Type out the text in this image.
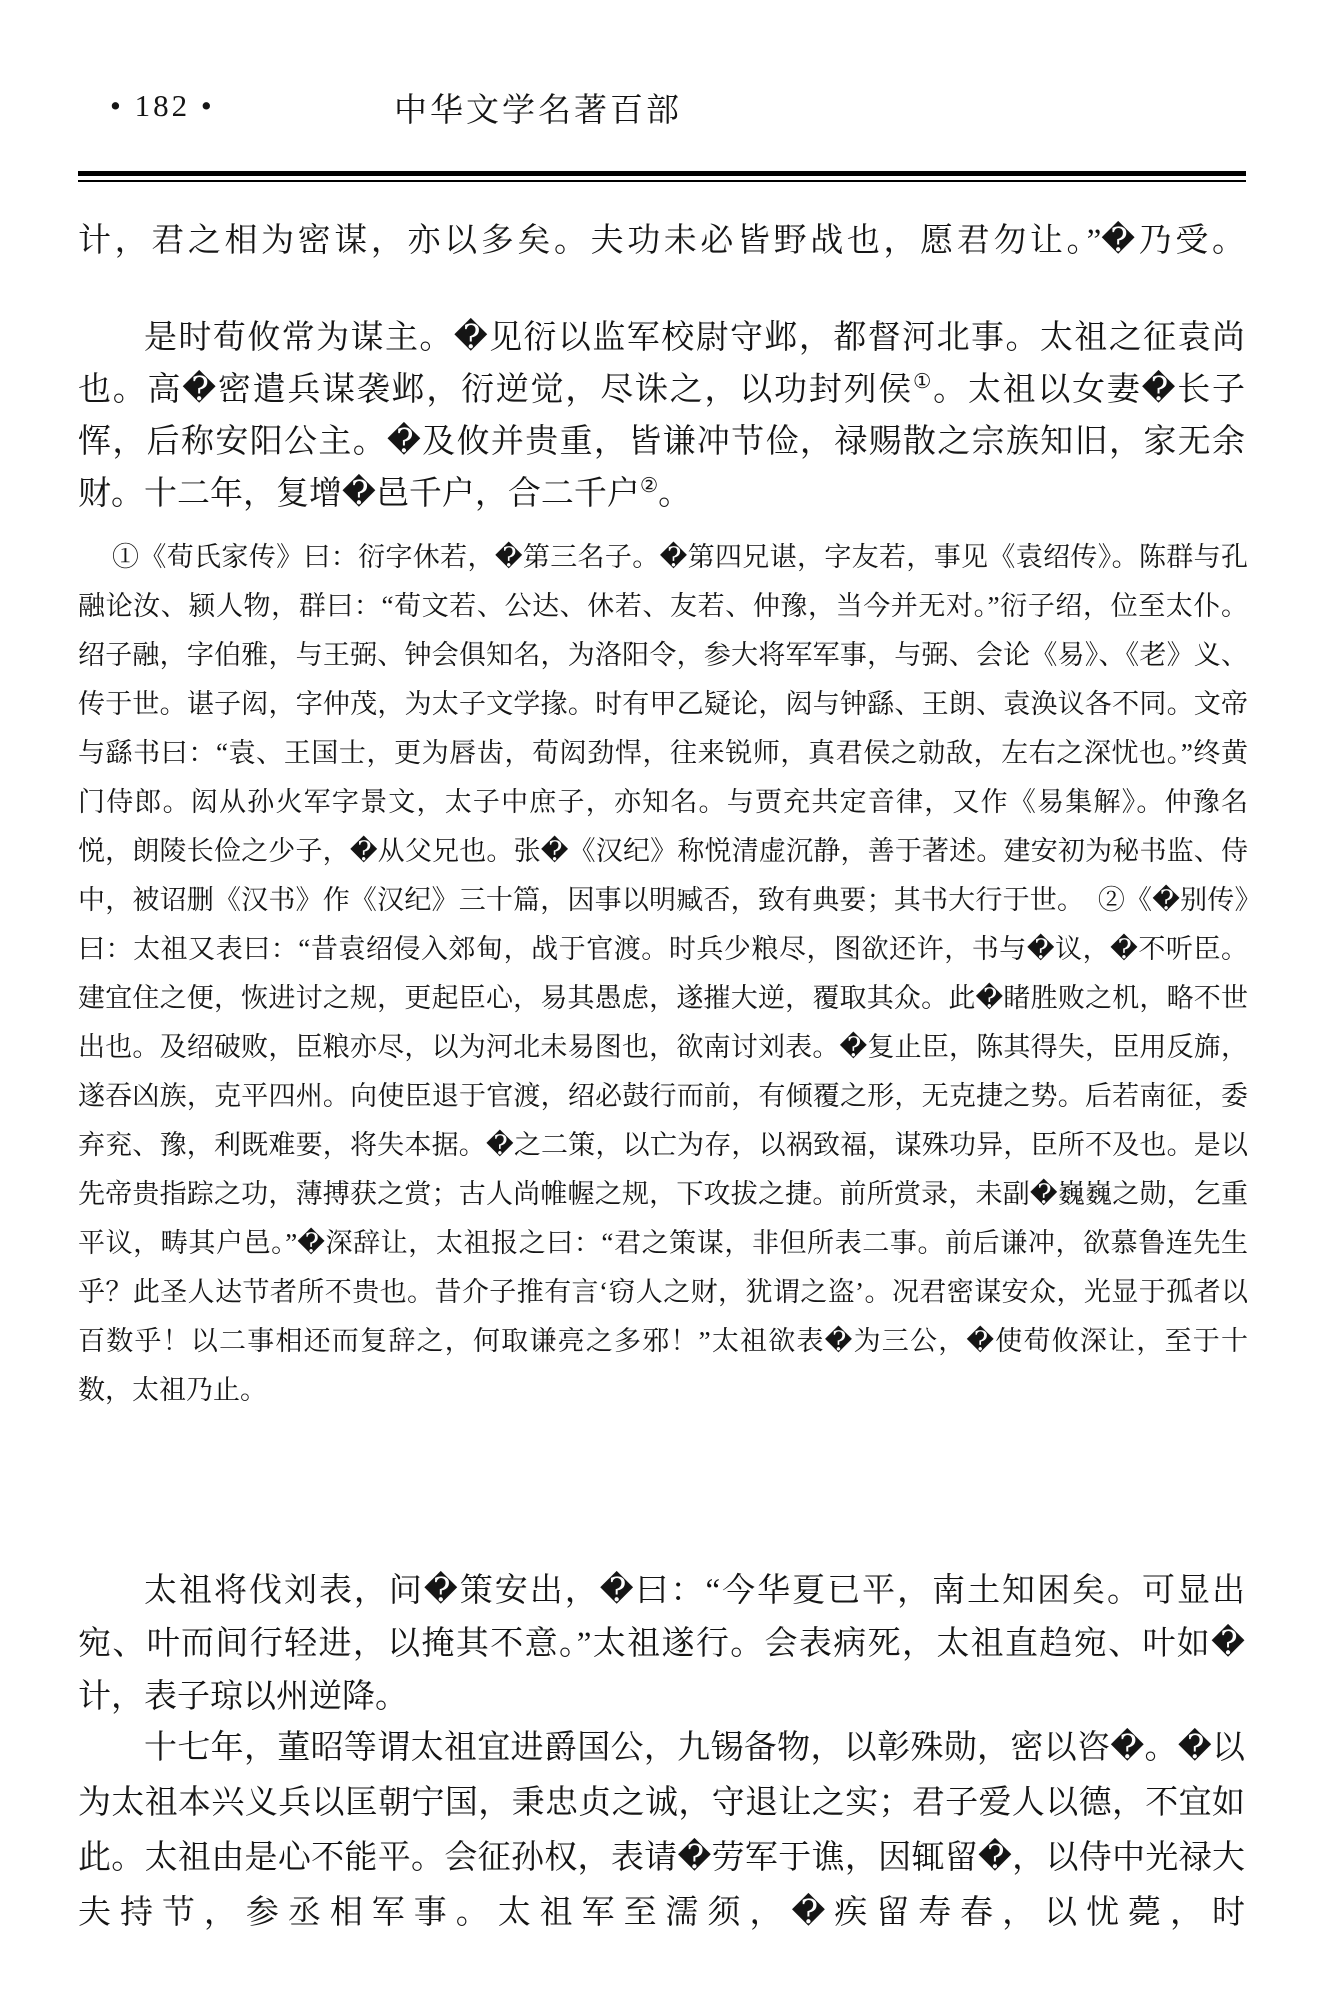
• 182 •	中华文学名著百部

计，君之相为密谋，亦以多矣。夫功未必皆野战也，愿君勿让。”�乃受。

是时荀攸常为谋主。�见衍以监军校尉守邺，都督河北事。太祖之征袁尚也。高�密遣兵谋袭邺，衍逆觉，尽诛之，以功封列侯①。太祖以女妻�长子恽，后称安阳公主。�及攸并贵重，皆谦冲节俭，禄赐散之宗族知旧，家无余财。十二年，复增�邑千户，合二千户②。

①《荀氏家传》曰：衍字休若，�第三名子。�第四兄谌，字友若，事见《袁绍传》。陈群与孔融论汝、颍人物，群曰：“荀文若、公达、休若、友若、仲豫，当今并无对。”衍子绍，位至太仆。绍子融，字伯雅，与王弼、钟会俱知名，为洛阳令，参大将军军事，与弼、会论《易》、《老》义、传于世。谌子闳，字仲茂，为太子文学掾。时有甲乙疑论，闳与钟繇、王朗、袁涣议各不同。文帝与繇书曰：“袁、王国士，更为唇齿，荀闳劲悍，往来锐师，真君侯之勍敌，左右之深忧也。”终黄门侍郎。闳从孙火军字景文，太子中庶子，亦知名。与贾充共定音律，又作《易集解》。仲豫名悦，朗陵长俭之少子，�从父兄也。张�《汉纪》称悦清虚沉静，善于著述。建安初为秘书监、侍中，被诏删《汉书》作《汉纪》三十篇，因事以明臧否，致有典要；其书大行于世。　②《�别传》曰：太祖又表曰：“昔袁绍侵入郊甸，战于官渡。时兵少粮尽，图欲还许，书与�议，�不听臣。建宜住之便，恢进讨之规，更起臣心，易其愚虑，遂摧大逆，覆取其众。此�睹胜败之机，略不世出也。及绍破败，臣粮亦尽，以为河北未易图也，欲南讨刘表。�复止臣，陈其得失，臣用反旆，遂吞凶族，克平四州。向使臣退于官渡，绍必鼓行而前，有倾覆之形，无克捷之势。后若南征，委弃兖、豫，利既难要，将失本据。�之二策，以亡为存，以祸致福，谋殊功异，臣所不及也。是以先帝贵指踪之功，薄搏获之赏；古人尚帷幄之规，下攻拔之捷。前所赏录，未副�巍巍之勋，乞重平议，畴其户邑。”�深辞让，太祖报之曰：“君之策谋，非但所表二事。前后谦冲，欲慕鲁连先生乎？此圣人达节者所不贵也。昔介子推有言‘窃人之财，犹谓之盗’。况君密谋安众，光显于孤者以百数乎！以二事相还而复辞之，何取谦亮之多邪！”太祖欲表�为三公，�使荀攸深让，至于十数，太祖乃止。

太祖将伐刘表，问�策安出，�曰：“今华夏已平，南土知困矣。可显出宛、叶而间行轻进，以掩其不意。”太祖遂行。会表病死，太祖直趋宛、叶如�计，表子琼以州逆降。

十七年，董昭等谓太祖宜进爵国公，九锡备物，以彰殊勋，密以咨�。�以为太祖本兴义兵以匡朝宁国，秉忠贞之诚，守退让之实；君子爱人以德，不宜如此。太祖由是心不能平。会征孙权，表请�劳军于谯，因辄留�，以侍中光禄大夫持节，参丞相军事。太祖军至濡须，�疾留寿春，以忧薨，时
